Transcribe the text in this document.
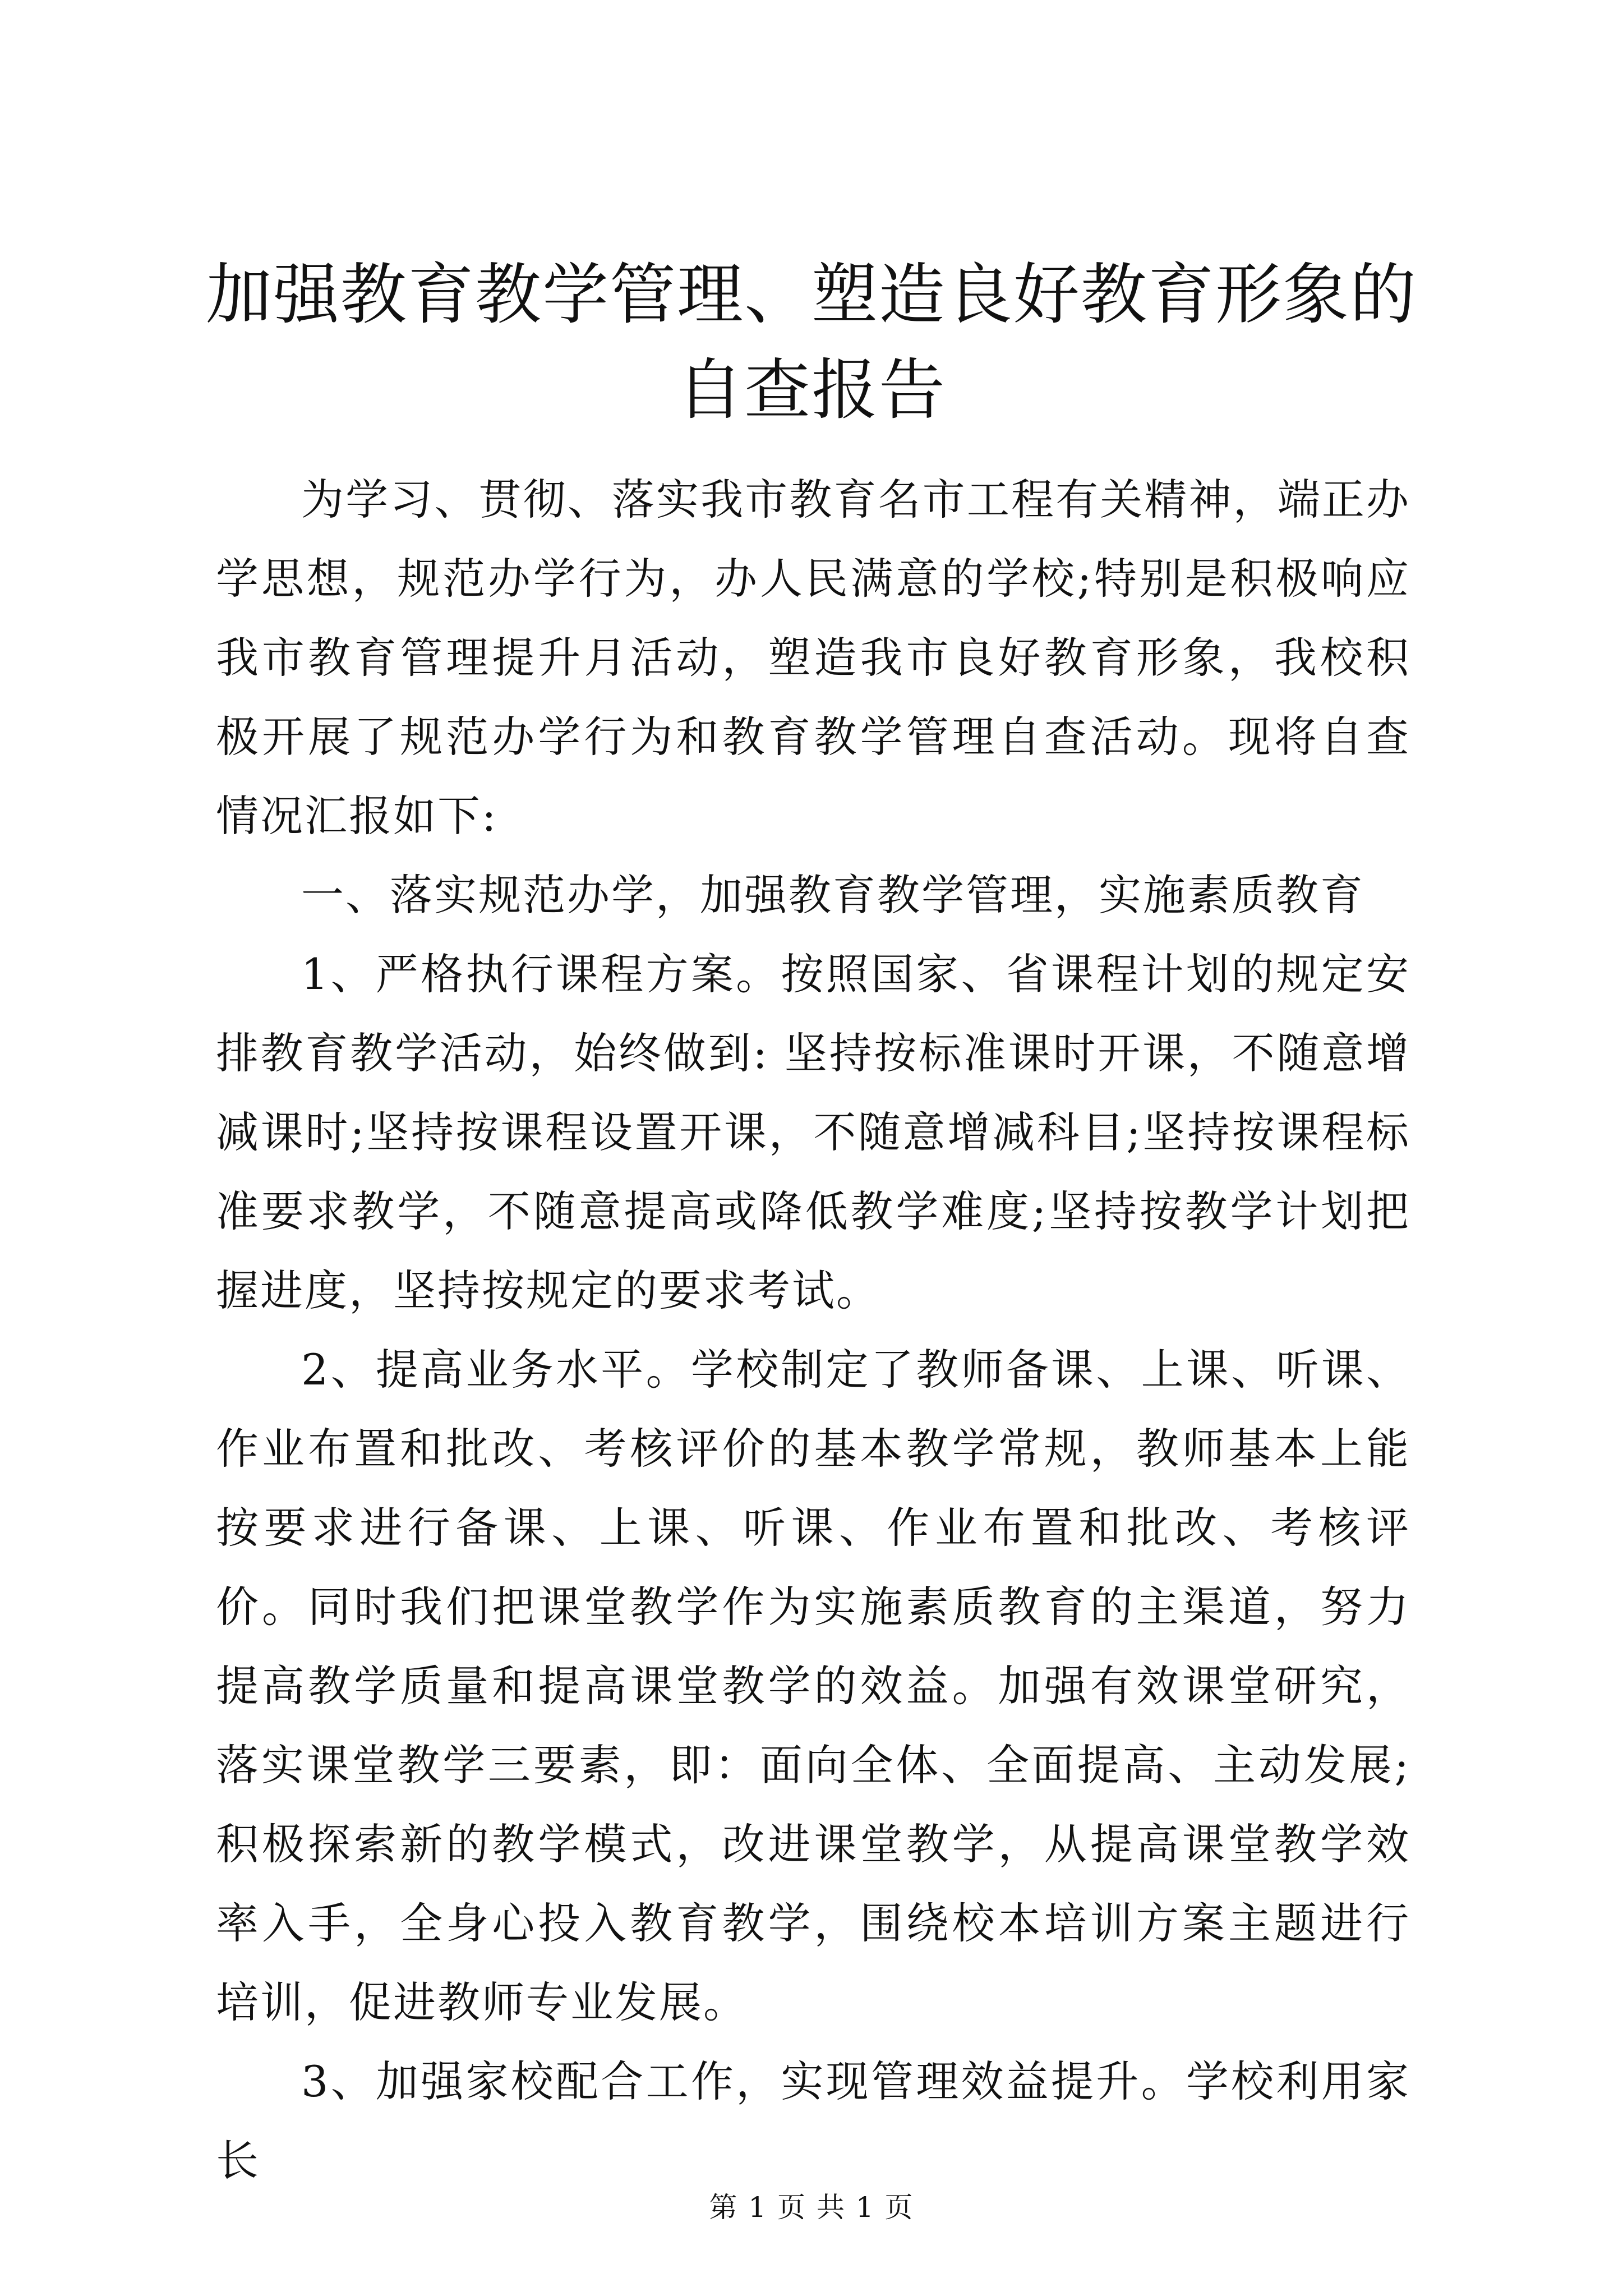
加强教育教学管理、塑造良好教育形象的自查报告

为学习、贯彻、落实我市教育名市工程有关精神，端正办学思想，规范办学行为，办人民满意的学校;特别是积极响应我市教育管理提升月活动，塑造我市良好教育形象，我校积极开展了规范办学行为和教育教学管理自查活动。现将自查情况汇报如下:

一、落实规范办学，加强教育教学管理，实施素质教育

1、严格执行课程方案。按照国家、省课程计划的规定安排教育教学活动，始终做到: 坚持按标准课时开课，不随意增减课时;坚持按课程设置开课，不随意增减科目;坚持按课程标准要求教学，不随意提高或降低教学难度;坚持按教学计划把握进度，坚持按规定的要求考试。

2、提高业务水平。学校制定了教师备课、上课、听课、作业布置和批改、考核评价的基本教学常规，教师基本上能按要求进行备课、上课、听课、作业布置和批改、考核评价。同时我们把课堂教学作为实施素质教育的主渠道，努力提高教学质量和提高课堂教学的效益。加强有效课堂研究，落实课堂教学三要素，即：面向全体、全面提高、主动发展;积极探索新的教学模式，改进课堂教学，从提高课堂教学效率入手，全身心投入教育教学，围绕校本培训方案主题进行培训，促进教师专业发展。

3、加强家校配合工作，实现管理效益提升。学校利用家长

第 1 页 共 1 页
